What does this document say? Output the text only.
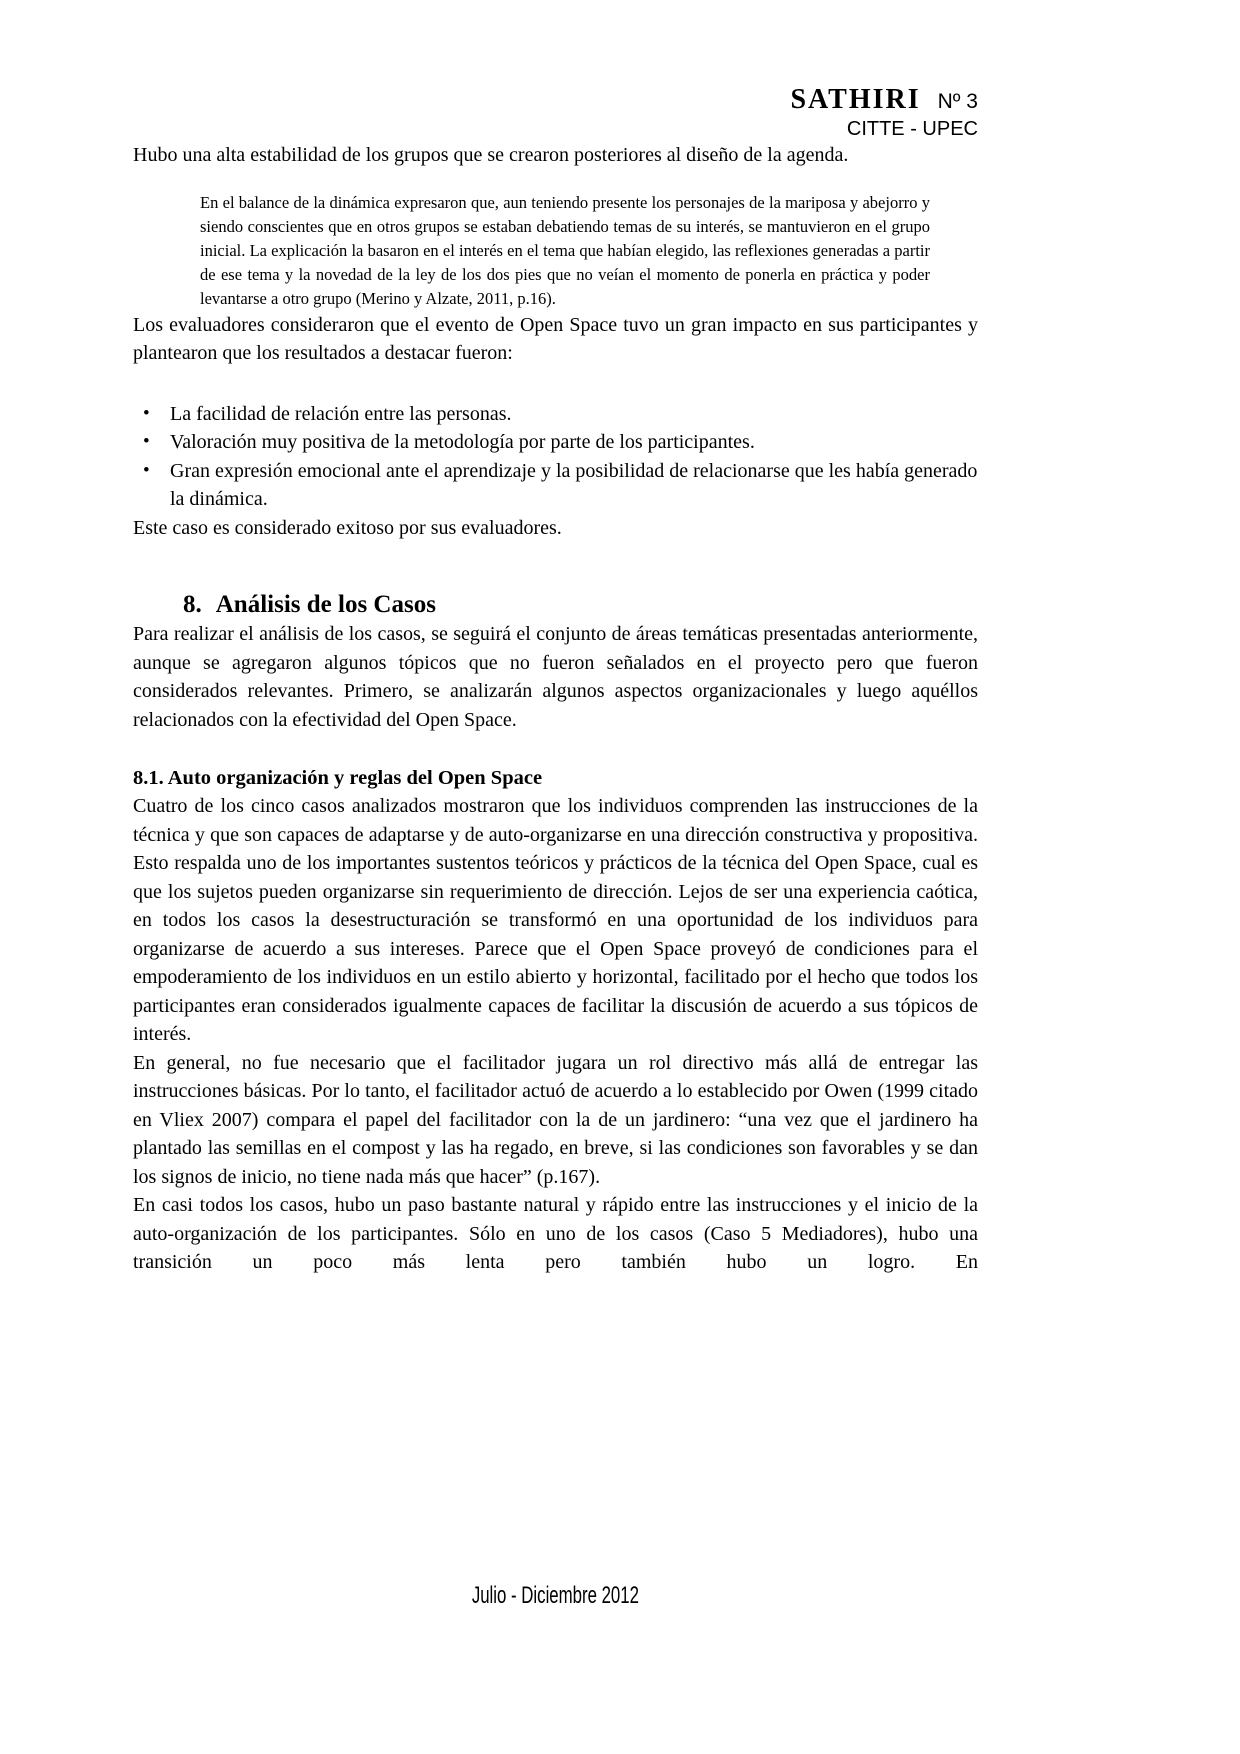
SATHIRI Nº 3
CITTE - UPEC

Hubo una alta estabilidad de los grupos que se crearon posteriores al diseño de la agenda.

En el balance de la dinámica expresaron que, aun teniendo presente los personajes de la mariposa y abejorro y siendo conscientes que en otros grupos se estaban debatiendo temas de su interés, se mantuvieron en el grupo inicial. La explicación la basaron en el interés en el tema que habían elegido, las reflexiones generadas a partir de ese tema y la novedad de la ley de los dos pies que no veían el momento de ponerla en práctica y poder levantarse a otro grupo (Merino y Alzate, 2011, p.16).

Los evaluadores consideraron que el evento de Open Space tuvo un gran impacto en sus participantes y plantearon que los resultados a destacar fueron:

• La facilidad de relación entre las personas.
• Valoración muy positiva de la metodología por parte de los participantes.
• Gran expresión emocional ante el aprendizaje y la posibilidad de relacionarse que les había generado la dinámica.

Este caso es considerado exitoso por sus evaluadores.

8. Análisis de los Casos

Para realizar el análisis de los casos, se seguirá el conjunto de áreas temáticas presentadas anteriormente, aunque se agregaron algunos tópicos que no fueron señalados en el proyecto pero que fueron considerados relevantes. Primero, se analizarán algunos aspectos organizacionales y luego aquéllos relacionados con la efectividad del Open Space.

8.1. Auto organización y reglas del Open Space

Cuatro de los cinco casos analizados mostraron que los individuos comprenden las instrucciones de la técnica y que son capaces de adaptarse y de auto-organizarse en una dirección constructiva y propositiva. Esto respalda uno de los importantes sustentos teóricos y prácticos de la técnica del Open Space, cual es que los sujetos pueden organizarse sin requerimiento de dirección. Lejos de ser una experiencia caótica, en todos los casos la desestructuración se transformó en una oportunidad de los individuos para organizarse de acuerdo a sus intereses. Parece que el Open Space proveyó de condiciones para el empoderamiento de los individuos en un estilo abierto y horizontal, facilitado por el hecho que todos los participantes eran considerados igualmente capaces de facilitar la discusión de acuerdo a sus tópicos de interés.

En general, no fue necesario que el facilitador jugara un rol directivo más allá de entregar las instrucciones básicas. Por lo tanto, el facilitador actuó de acuerdo a lo establecido por Owen (1999 citado en Vliex 2007) compara el papel del facilitador con la de un jardinero: “una vez que el jardinero ha plantado las semillas en el compost y las ha regado, en breve, si las condiciones son favorables y se dan los signos de inicio, no tiene nada más que hacer” (p.167).

En casi todos los casos, hubo un paso bastante natural y rápido entre las instrucciones y el inicio de la auto-organización de los participantes. Sólo en uno de los casos (Caso 5 Mediadores), hubo una transición un poco más lenta pero también hubo un logro. En

Julio - Diciembre 2012
